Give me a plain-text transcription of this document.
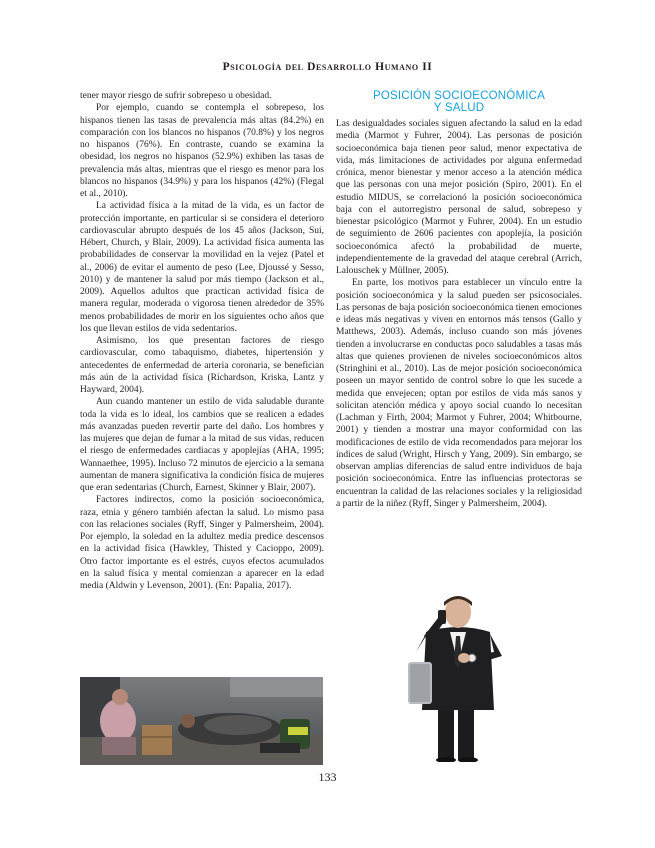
Psicología del Desarrollo Humano II

tener mayor riesgo de sufrir sobrepeso u obesidad.

Por ejemplo, cuando se contempla el sobrepeso, los hispanos tienen las tasas de prevalencia más altas (84.2%) en comparación con los blancos no hispanos (70.8%) y los negros no hispanos (76%). En contraste, cuando se examina la obesidad, los negros no hispanos (52.9%) exhiben las tasas de prevalencia más altas, mientras que el riesgo es menor para los blancos no hispanos (34.9%) y para los hispanos (42%) (Flegal et al., 2010).

La actividad física a la mitad de la vida, es un factor de protección importante, en particular si se considera el deterioro cardiovascular abrupto después de los 45 años (Jackson, Sui, Hébert, Church, y Blair, 2009). La actividad física aumenta las probabilidades de conservar la movilidad en la vejez (Patel et al., 2006) de evitar el aumento de peso (Lee, Djoussé y Sesso, 2010) y de mantener la salud por más tiempo (Jackson et al., 2009). Aquellos adultos que practican actividad física de manera regular, moderada o vigorosa tienen alrededor de 35% menos probabilidades de morir en los siguientes ocho años que los que llevan estilos de vida sedentarios.

Asimismo, los que presentan factores de riesgo cardiovascular, como tabaquismo, diabetes, hipertensión y antecedentes de enfermedad de arteria coronaria, se benefician más aún de la actividad física (Richardson, Kriska, Lantz y Hayward, 2004).

Aun cuando mantener un estilo de vida saludable durante toda la vida es lo ideal, los cambios que se realicen a edades más avanzadas pueden revertir parte del daño. Los hombres y las mujeres que dejan de fumar a la mitad de sus vidas, reducen el riesgo de enfermedades cardiacas y apoplejías (AHA, 1995; Wannaethee, 1995). Incluso 72 minutos de ejercicio a la semana aumentan de manera significativa la condición física de mujeres que eran sedentarias (Church, Earnest, Skinner y Blair, 2007).

Factores indirectos, como la posición socioeconómica, raza, etnia y género también afectan la salud. Lo mismo pasa con las relaciones sociales (Ryff, Singer y Palmersheim, 2004). Por ejemplo, la soledad en la adultez media predice descensos en la actividad física (Hawkley, Thisted y Cacioppo, 2009). Otro factor importante es el estrés, cuyos efectos acumulados en la salud física y mental comienzan a aparecer en la edad media (Aldwin y Levenson, 2001). (En: Papalia, 2017).

POSICIÓN SOCIOECONÓMICA
Y SALUD

Las desigualdades sociales siguen afectando la salud en la edad media (Marmot y Fuhrer, 2004). Las personas de posición socioeconómica baja tienen peor salud, menor expectativa de vida, más limitaciones de actividades por alguna enfermedad crónica, menor bienestar y menor acceso a la atención médica que las personas con una mejor posición (Spiro, 2001). En el estudio MIDUS, se correlacionó la posición socioeconómica baja con el autorregistro personal de salud, sobrepeso y bienestar psicológico (Marmot y Fuhrer, 2004). En un estudio de seguimiento de 2606 pacientes con apoplejía, la posición socioeconómica afectó la probabilidad de muerte, independientemente de la gravedad del ataque cerebral (Arrich, Lalouschek y Müllner, 2005).

En parte, los motivos para establecer un vínculo entre la posición socioeconómica y la salud pueden ser psicosociales. Las personas de baja posición socioeconómica tienen emociones e ideas más negativas y viven en entornos más tensos (Gallo y Matthews, 2003). Además, incluso cuando son más jóvenes tienden a involucrarse en conductas poco saludables a tasas más altas que quienes provienen de niveles socioeconómicos altos (Stringhini et al., 2010). Las de mejor posición socioeconómica poseen un mayor sentido de control sobre lo que les sucede a medida que envejecen; optan por estilos de vida más sanos y solicitan atención médica y apoyo social cuando lo necesitan (Lachman y Firth, 2004; Marmot y Fuhrer, 2004; Whitbourne, 2001) y tienden a mostrar una mayor conformidad con las modificaciones de estilo de vida recomendados para mejorar los índices de salud (Wright, Hirsch y Yang, 2009). Sin embargo, se observan amplias diferencias de salud entre individuos de baja posición socioeconómica. Entre las influencias protectoras se encuentran la calidad de las relaciones sociales y la religiosidad a partir de la niñez (Ryff, Singer y Palmersheim, 2004).

133
